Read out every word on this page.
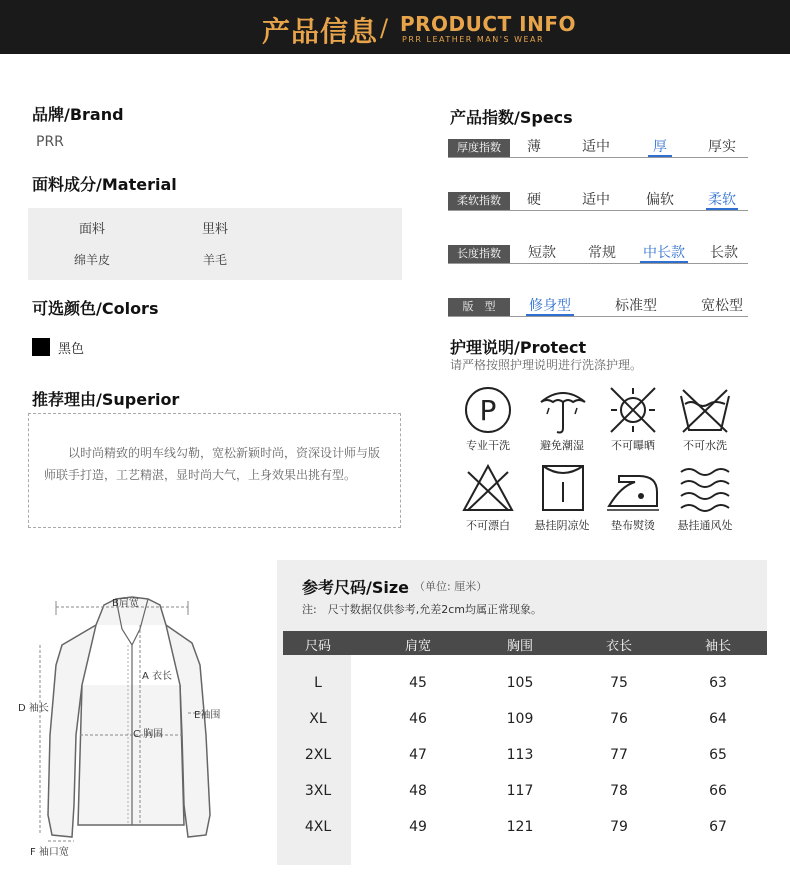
产品信息 / PRODUCT INFO
PRR LEATHER MAN'S WEAR
品牌/Brand
PRR
面料成分/Material
面料	里料
绵羊皮	羊毛
可选颜色/Colors
黑色
推荐理由/Superior
以时尚精致的明车线勾勒，宽松新颖时尚，资深设计师与版师联手打造，工艺精湛，显时尚大气，上身效果出挑有型。
产品指数/Specs
厚度指数	薄	适中	厚	厚实
柔软指数	硬	适中	偏软	柔软
长度指数	短款	常规	中长款	长款
版　型	修身型	标准型	宽松型
护理说明/Protect
请严格按照护理说明进行洗涤护理。
P
专业干洗	避免潮湿	不可曝晒	不可水洗
不可漂白	悬挂阴凉处	垫布熨烫	悬挂通风处
B肩宽
A 衣长
D 袖长
E袖围
C 胸围
F 袖口宽
参考尺码/Size （单位: 厘米）
注:　尺寸数据仅供参考,允差2cm均属正常现象。
尺码	肩宽	胸围	衣长	袖长
L	45	105	75	63
XL	46	109	76	64
2XL	47	113	77	65
3XL	48	117	78	66
4XL	49	121	79	67
